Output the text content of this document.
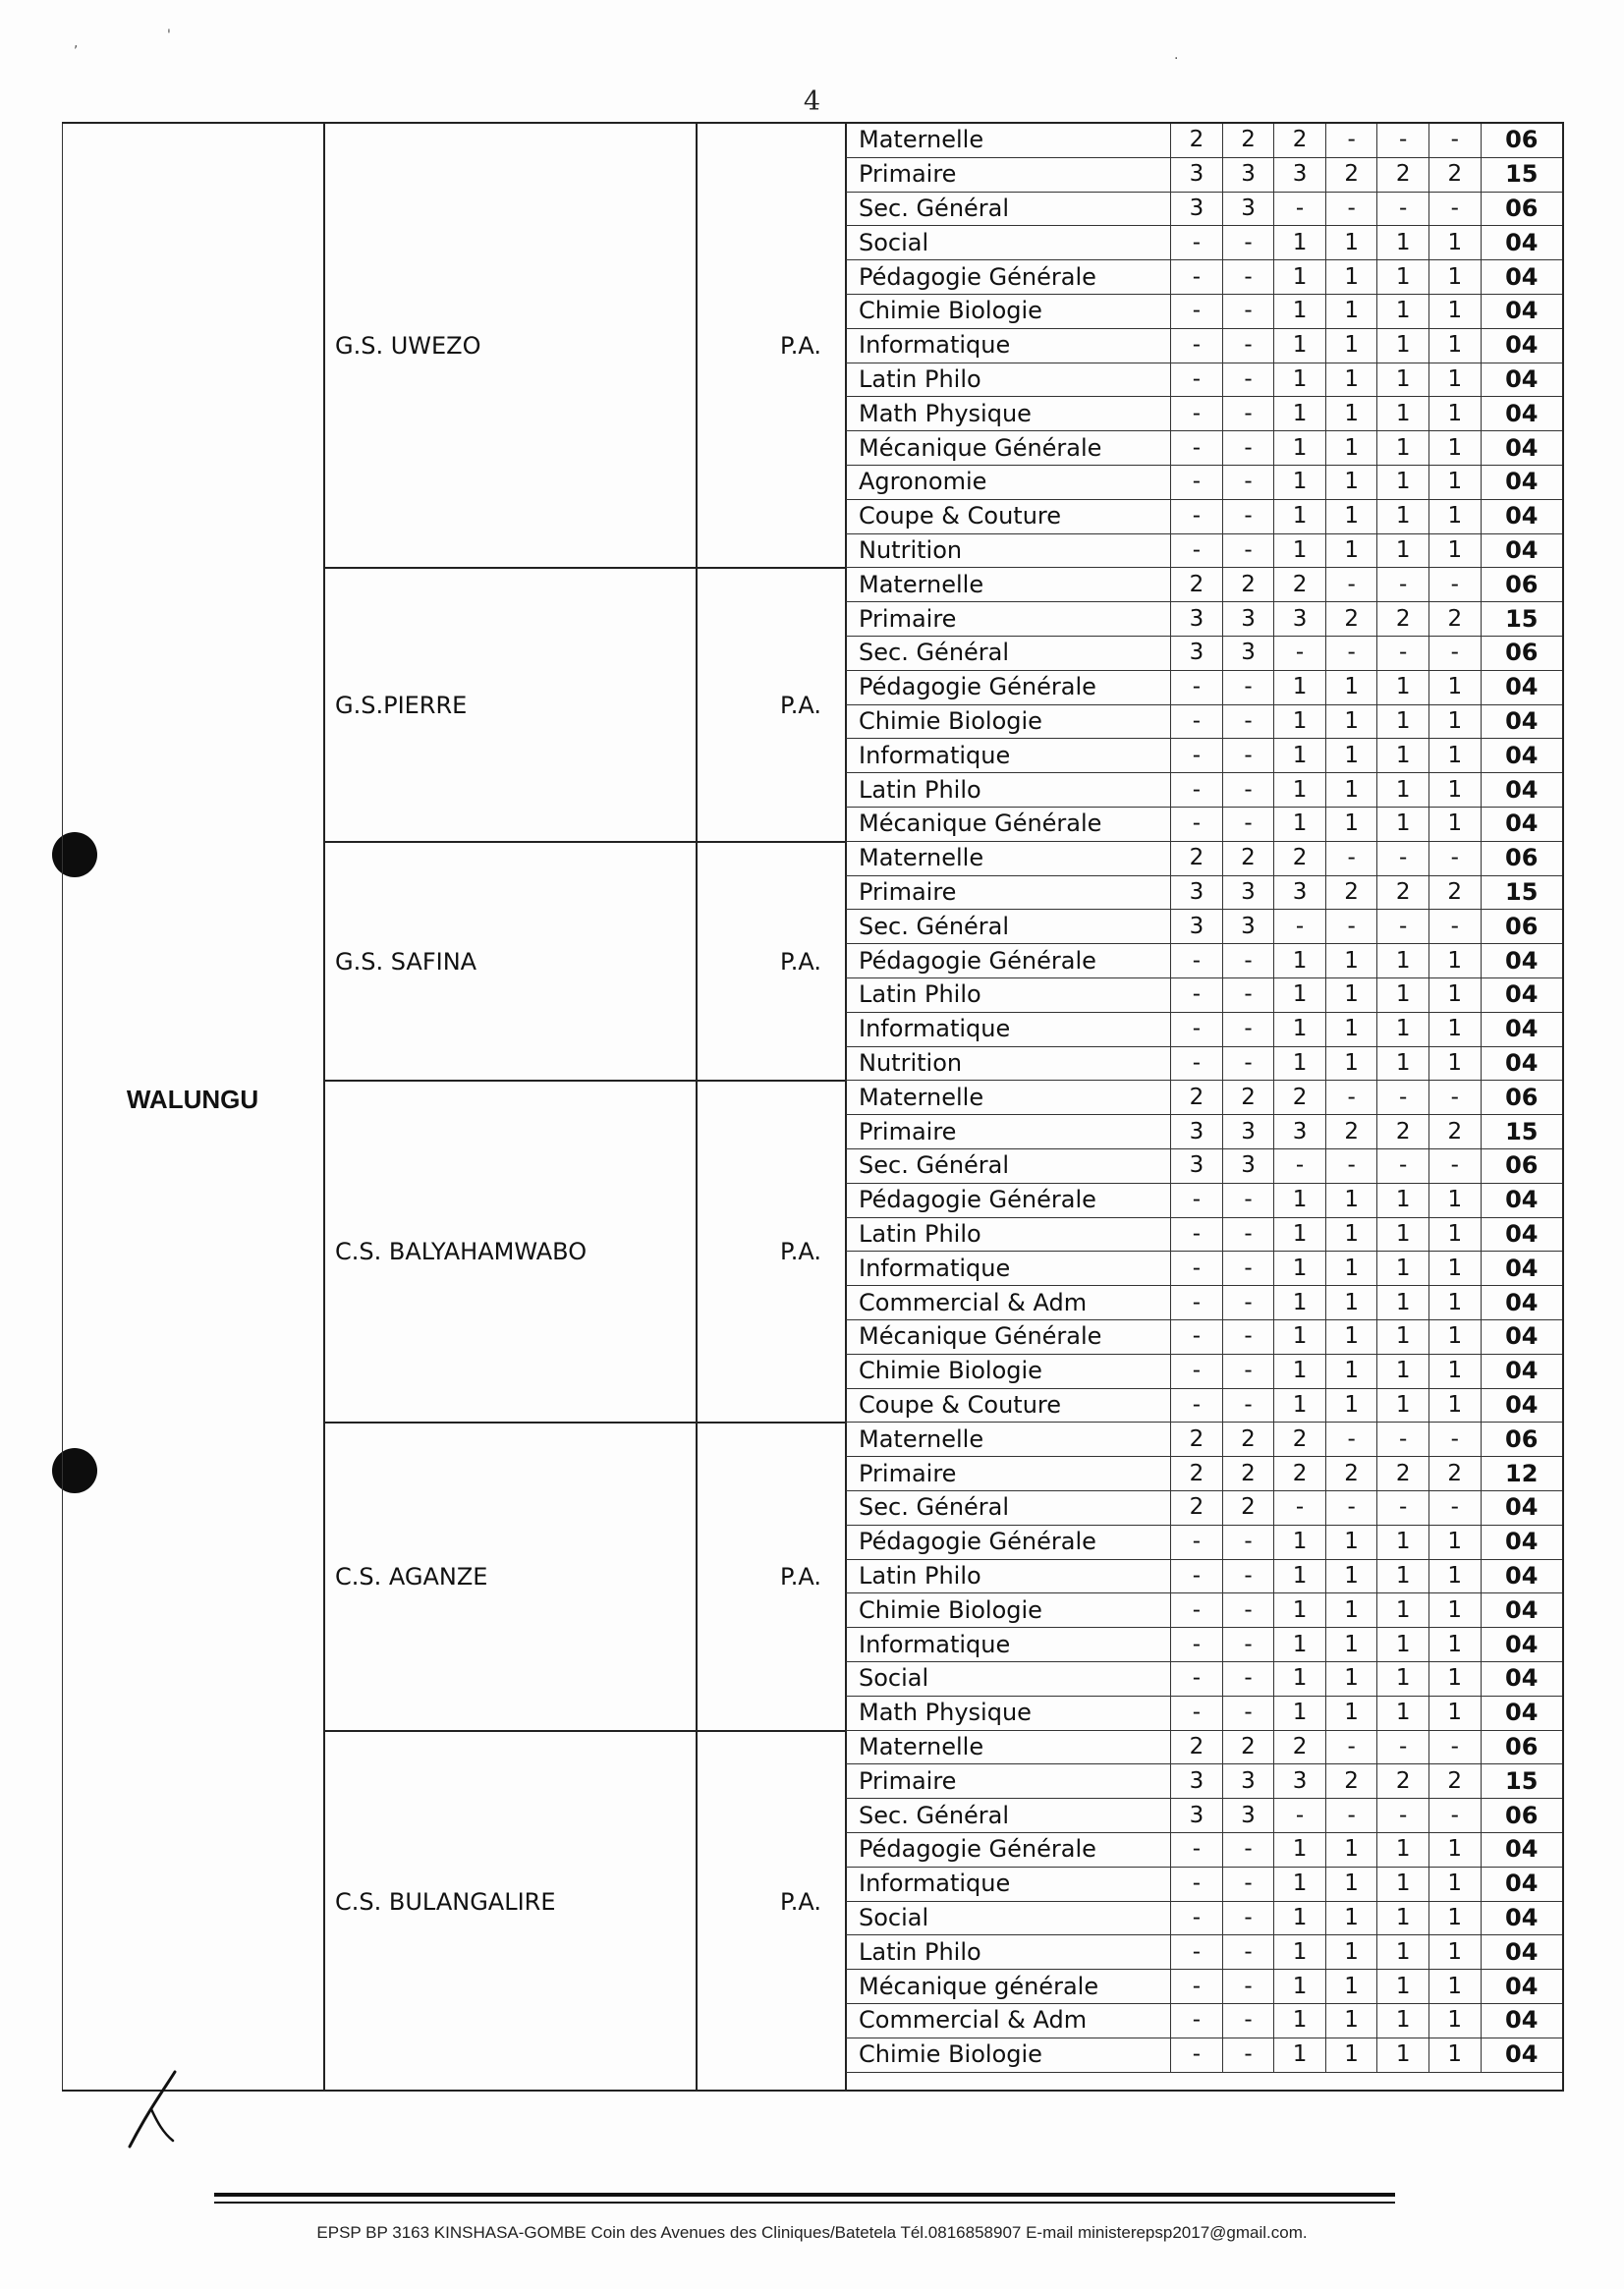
4
,	'
.
WALUNGU
G.S. UWEZO	P.A.
Maternelle	2	2	2	-	-	-	06
Primaire	3	3	3	2	2	2	15
Sec. Général	3	3	-	-	-	-	06
Social	-	-	1	1	1	1	04
Pédagogie Générale	-	-	1	1	1	1	04
Chimie Biologie	-	-	1	1	1	1	04
Informatique	-	-	1	1	1	1	04
Latin Philo	-	-	1	1	1	1	04
Math Physique	-	-	1	1	1	1	04
Mécanique Générale	-	-	1	1	1	1	04
Agronomie	-	-	1	1	1	1	04
Coupe & Couture	-	-	1	1	1	1	04
Nutrition	-	-	1	1	1	1	04
G.S.PIERRE	P.A.
Maternelle	2	2	2	-	-	-	06
Primaire	3	3	3	2	2	2	15
Sec. Général	3	3	-	-	-	-	06
Pédagogie Générale	-	-	1	1	1	1	04
Chimie Biologie	-	-	1	1	1	1	04
Informatique	-	-	1	1	1	1	04
Latin Philo	-	-	1	1	1	1	04
Mécanique Générale	-	-	1	1	1	1	04
G.S. SAFINA	P.A.
Maternelle	2	2	2	-	-	-	06
Primaire	3	3	3	2	2	2	15
Sec. Général	3	3	-	-	-	-	06
Pédagogie Générale	-	-	1	1	1	1	04
Latin Philo	-	-	1	1	1	1	04
Informatique	-	-	1	1	1	1	04
Nutrition	-	-	1	1	1	1	04
C.S. BALYAHAMWABO	P.A.
Maternelle	2	2	2	-	-	-	06
Primaire	3	3	3	2	2	2	15
Sec. Général	3	3	-	-	-	-	06
Pédagogie Générale	-	-	1	1	1	1	04
Latin Philo	-	-	1	1	1	1	04
Informatique	-	-	1	1	1	1	04
Commercial & Adm	-	-	1	1	1	1	04
Mécanique Générale	-	-	1	1	1	1	04
Chimie Biologie	-	-	1	1	1	1	04
Coupe & Couture	-	-	1	1	1	1	04
C.S. AGANZE	P.A.
Maternelle	2	2	2	-	-	-	06
Primaire	2	2	2	2	2	2	12
Sec. Général	2	2	-	-	-	-	04
Pédagogie Générale	-	-	1	1	1	1	04
Latin Philo	-	-	1	1	1	1	04
Chimie Biologie	-	-	1	1	1	1	04
Informatique	-	-	1	1	1	1	04
Social	-	-	1	1	1	1	04
Math Physique	-	-	1	1	1	1	04
C.S. BULANGALIRE	P.A.
Maternelle	2	2	2	-	-	-	06
Primaire	3	3	3	2	2	2	15
Sec. Général	3	3	-	-	-	-	06
Pédagogie Générale	-	-	1	1	1	1	04
Informatique	-	-	1	1	1	1	04
Social	-	-	1	1	1	1	04
Latin Philo	-	-	1	1	1	1	04
Mécanique générale	-	-	1	1	1	1	04
Commercial & Adm	-	-	1	1	1	1	04
Chimie Biologie	-	-	1	1	1	1	04
EPSP BP 3163 KINSHASA-GOMBE Coin des Avenues des Cliniques/Batetela Tél.0816858907 E-mail ministerepsp2017@gmail.com.
